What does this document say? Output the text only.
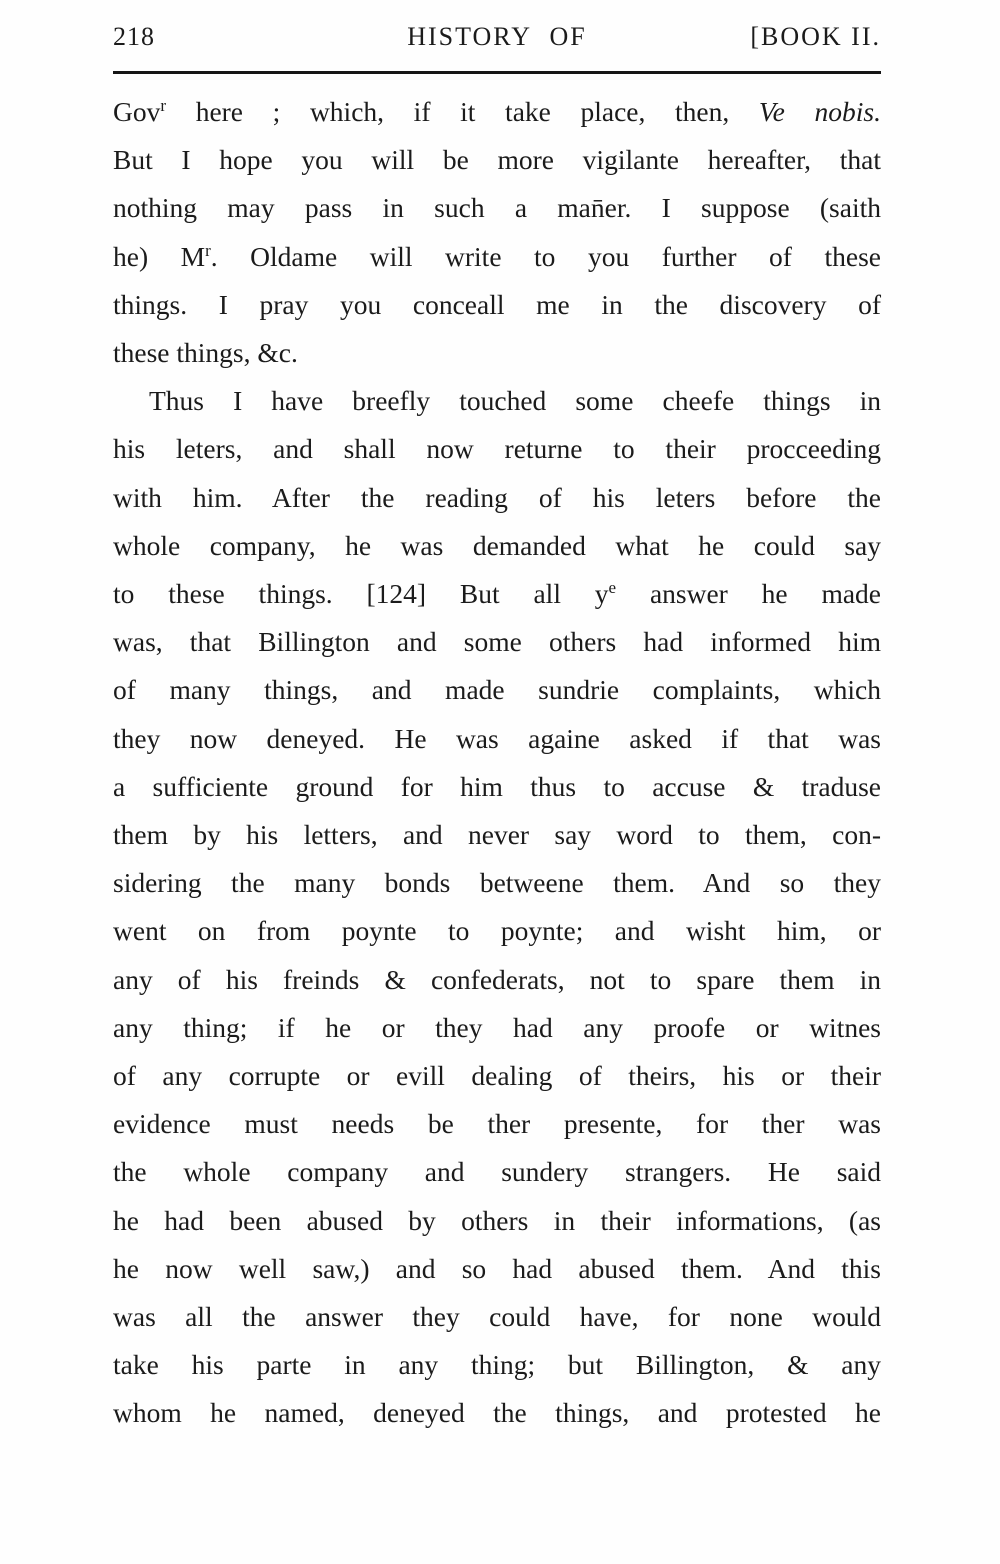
218	HISTORY OF	[BOOK II.
Gov$^r$ here ; which, if it take place, then, Ve nobis.
But I hope you will be more vigilante hereafter, that
nothing may pass in such a man̄er. I suppose (saith
he) $M^r$. Oldame will write to you further of these
things. I pray you conceall me in the discovery of
these things, &c.
Thus I have breefly touched some cheefe things in
his leters, and shall now returne to their procceeding
with him. After the reading of his leters before the
whole company, he was demanded what he could say
to these things. [124] But all $y^e$ answer he made
was, that Billington and some others had informed him
of many things, and made sundrie complaints, which
they now deneyed. He was againe asked if that was
a sufficiente ground for him thus to accuse & traduse
them by his letters, and never say word to them, con-
sidering the many bonds betweene them. And so they
went on from poynte to poynte; and wisht him, or
any of his freinds & confederats, not to spare them in
any thing; if he or they had any proofe or witnes
of any corrupte or evill dealing of theirs, his or their
evidence must needs be ther presente, for ther was
the whole company and sundery strangers. He said
he had been abused by others in their informations, (as
he now well saw,) and so had abused them. And this
was all the answer they could have, for none would
take his parte in any thing; but Billington, & any
whom he named, deneyed the things, and protested he
